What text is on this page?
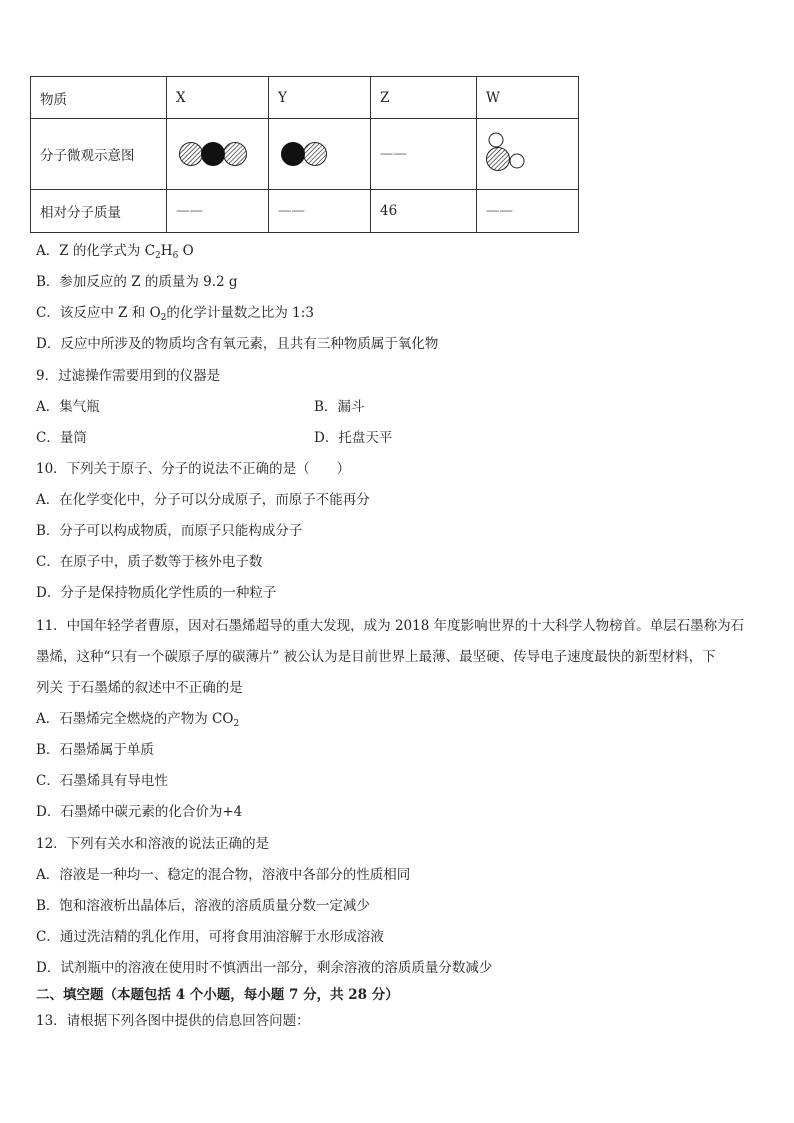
物质	X	Y	Z	W
分子微观示意图			——	

相对分子质量	——	——	46	——
A．Z 的化学式为 $C_2H_6$ O
B．参加反应的 Z 的质量为 9.2 g
C．该反应中 Z 和 $O_2$的化学计量数之比为 1:3
D．反应中所涉及的物质均含有氧元素，且共有三种物质属于氧化物
9．过滤操作需要用到的仪器是
A．集气瓶	B．漏斗
C．量筒	D．托盘天平
10．下列关于原子、分子的说法不正确的是（　　）
A．在化学变化中，分子可以分成原子，而原子不能再分
B．分子可以构成物质，而原子只能构成分子
C．在原子中，质子数等于核外电子数
D．分子是保持物质化学性质的一种粒子
11．中国年轻学者曹原，因对石墨烯超导的重大发现，成为 2018 年度影响世界的十大科学人物榜首。单层石墨称为石
墨烯，这种“只有一个碳原子厚的碳薄片” 被公认为是目前世界上最薄、最坚硬、传导电子速度最快的新型材料，下
列关 于石墨烯的叙述中不正确的是
A．石墨烯完全燃烧的产物为 $CO_2$
B．石墨烯属于单质
C．石墨烯具有导电性
D．石墨烯中碳元素的化合价为+4
12．下列有关水和溶液的说法正确的是
A．溶液是一种均一、稳定的混合物，溶液中各部分的性质相同
B．饱和溶液析出晶体后，溶液的溶质质量分数一定减少
C．通过洗洁精的乳化作用，可将食用油溶解于水形成溶液
D．试剂瓶中的溶液在使用时不慎洒出一部分，剩余溶液的溶质质量分数减少
二、填空题（本题包括 4 个小题，每小题 7 分，共 28 分）
13．请根据下列各图中提供的信息回答问题：
